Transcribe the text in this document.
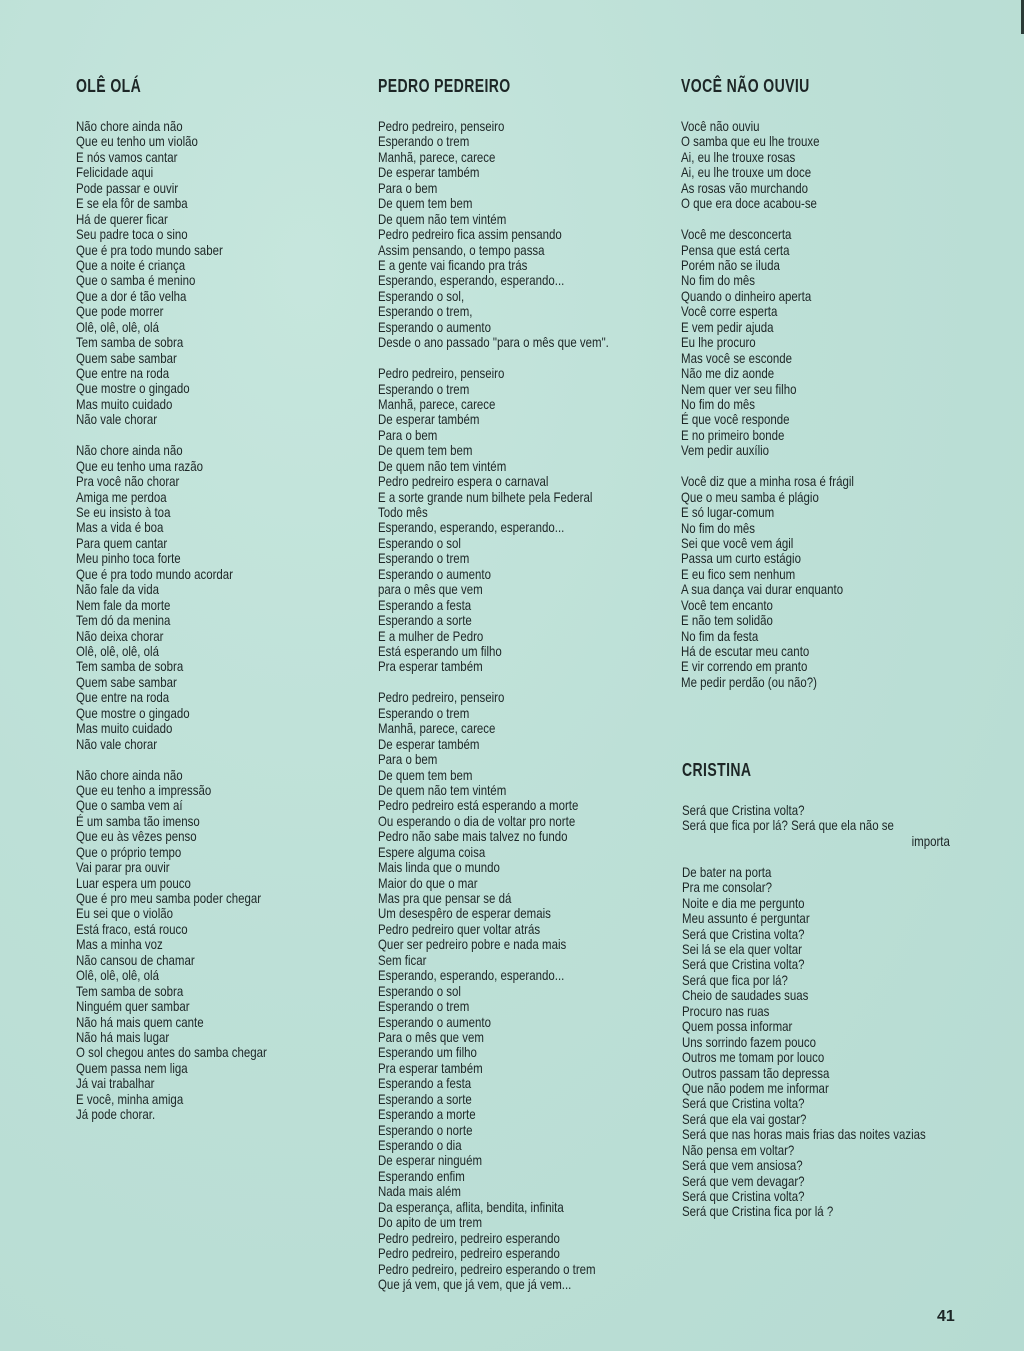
OLÊ OLÁ
Não chore ainda não
Que eu tenho um violão
E nós vamos cantar
Felicidade aqui
Pode passar e ouvir
E se ela fôr de samba
Há de querer ficar
Seu padre toca o sino
Que é pra todo mundo saber
Que a noite é criança
Que o samba é menino
Que a dor é tão velha
Que pode morrer
Olê, olê, olê, olá
Tem samba de sobra
Quem sabe sambar
Que entre na roda
Que mostre o gingado
Mas muito cuidado
Não vale chorar
Não chore ainda não
Que eu tenho uma razão
Pra você não chorar
Amiga me perdoa
Se eu insisto à toa
Mas a vida é boa
Para quem cantar
Meu pinho toca forte
Que é pra todo mundo acordar
Não fale da vida
Nem fale da morte
Tem dó da menina
Não deixa chorar
Olê, olê, olê, olá
Tem samba de sobra
Quem sabe sambar
Que entre na roda
Que mostre o gingado
Mas muito cuidado
Não vale chorar
Não chore ainda não
Que eu tenho a impressão
Que o samba vem aí
É um samba tão imenso
Que eu às vêzes penso
Que o próprio tempo
Vai parar pra ouvir
Luar espera um pouco
Que é pro meu samba poder chegar
Eu sei que o violão
Está fraco, está rouco
Mas a minha voz
Não cansou de chamar
Olê, olê, olê, olá
Tem samba de sobra
Ninguém quer sambar
Não há mais quem cante
Não há mais lugar
O sol chegou antes do samba chegar
Quem passa nem liga
Já vai trabalhar
E você, minha amiga
Já pode chorar.
PEDRO PEDREIRO
Pedro pedreiro, penseiro
Esperando o trem
Manhã, parece, carece
De esperar também
Para o bem
De quem tem bem
De quem não tem vintém
Pedro pedreiro fica assim pensando
Assim pensando, o tempo passa
E a gente vai ficando pra trás
Esperando, esperando, esperando...
Esperando o sol,
Esperando o trem,
Esperando o aumento
Desde o ano passado "para o mês que vem".
Pedro pedreiro, penseiro
Esperando o trem
Manhã, parece, carece
De esperar também
Para o bem
De quem tem bem
De quem não tem vintém
Pedro pedreiro espera o carnaval
E a sorte grande num bilhete pela Federal
Todo mês
Esperando, esperando, esperando...
Esperando o sol
Esperando o trem
Esperando o aumento
para o mês que vem
Esperando a festa
Esperando a sorte
E a mulher de Pedro
Está esperando um filho
Pra esperar também
Pedro pedreiro, penseiro
Esperando o trem
Manhã, parece, carece
De esperar também
Para o bem
De quem tem bem
De quem não tem vintém
Pedro pedreiro está esperando a morte
Ou esperando o dia de voltar pro norte
Pedro não sabe mais talvez no fundo
Espere alguma coisa
Mais linda que o mundo
Maior do que o mar
Mas pra que pensar se dá
Um desespêro de esperar demais
Pedro pedreiro quer voltar atrás
Quer ser pedreiro pobre e nada mais
Sem ficar
Esperando, esperando, esperando...
Esperando o sol
Esperando o trem
Esperando o aumento
Para o mês que vem
Esperando um filho
Pra esperar também
Esperando a festa
Esperando a sorte
Esperando a morte
Esperando o norte
Esperando o dia
De esperar ninguém
Esperando enfim
Nada mais além
Da esperança, aflita, bendita, infinita
Do apito de um trem
Pedro pedreiro, pedreiro esperando
Pedro pedreiro, pedreiro esperando
Pedro pedreiro, pedreiro esperando o trem
Que já vem, que já vem, que já vem...
VOCÊ NÃO OUVIU
Você não ouviu
O samba que eu lhe trouxe
Ai, eu lhe trouxe rosas
Ai, eu lhe trouxe um doce
As rosas vão murchando
O que era doce acabou-se
Você me desconcerta
Pensa que está certa
Porém não se iluda
No fim do mês
Quando o dinheiro aperta
Você corre esperta
E vem pedir ajuda
Eu lhe procuro
Mas você se esconde
Não me diz aonde
Nem quer ver seu filho
No fim do mês
É que você responde
E no primeiro bonde
Vem pedir auxílio
Você diz que a minha rosa é frágil
Que o meu samba é plágio
E só lugar-comum
No fim do mês
Sei que você vem ágil
Passa um curto estágio
E eu fico sem nenhum
A sua dança vai durar enquanto
Você tem encanto
E não tem solidão
No fim da festa
Há de escutar meu canto
E vir correndo em pranto
Me pedir perdão (ou não?)
CRISTINA
Será que Cristina volta?
Será que fica por lá? Será que ela não se
importa
De bater na porta
Pra me consolar?
Noite e dia me pergunto
Meu assunto é perguntar
Será que Cristina volta?
Sei lá se ela quer voltar
Será que Cristina volta?
Será que fica por lá?
Cheio de saudades suas
Procuro nas ruas
Quem possa informar
Uns sorrindo fazem pouco
Outros me tomam por louco
Outros passam tão depressa
Que não podem me informar
Será que Cristina volta?
Será que ela vai gostar?
Será que nas horas mais frias das noites vazias
Não pensa em voltar?
Será que vem ansiosa?
Será que vem devagar?
Será que Cristina volta?
Será que Cristina fica por lá ?
41
